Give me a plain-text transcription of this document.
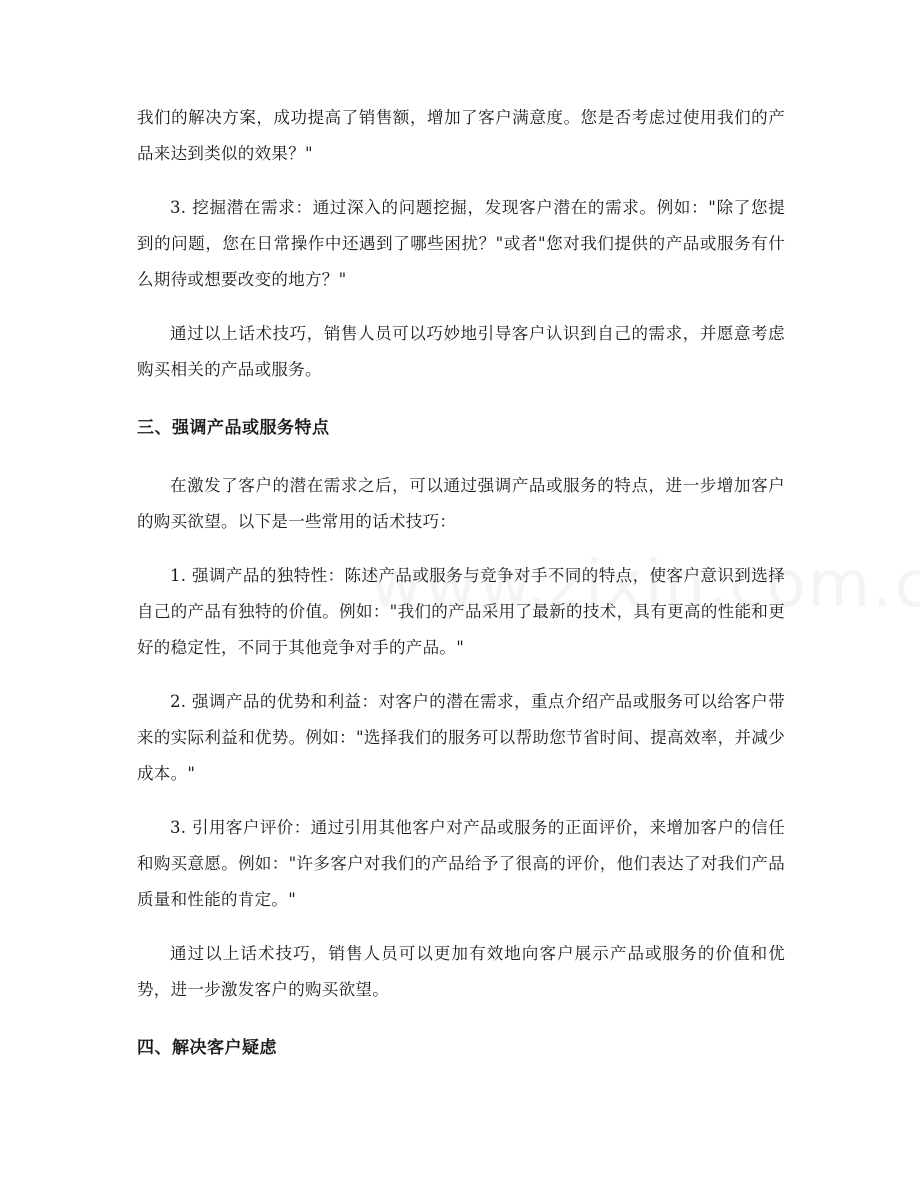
我们的解决方案，成功提高了销售额，增加了客户满意度。您是否考虑过使用我们的产品来达到类似的效果？"

3. 挖掘潜在需求：通过深入的问题挖掘，发现客户潜在的需求。例如："除了您提到的问题，您在日常操作中还遇到了哪些困扰？"或者"您对我们提供的产品或服务有什么期待或想要改变的地方？"

通过以上话术技巧，销售人员可以巧妙地引导客户认识到自己的需求，并愿意考虑购买相关的产品或服务。

三、强调产品或服务特点

在激发了客户的潜在需求之后，可以通过强调产品或服务的特点，进一步增加客户的购买欲望。以下是一些常用的话术技巧：

1. 强调产品的独特性：陈述产品或服务与竞争对手不同的特点，使客户意识到选择自己的产品有独特的价值。例如："我们的产品采用了最新的技术，具有更高的性能和更好的稳定性，不同于其他竞争对手的产品。"

2. 强调产品的优势和利益：对客户的潜在需求，重点介绍产品或服务可以给客户带来的实际利益和优势。例如："选择我们的服务可以帮助您节省时间、提高效率，并减少成本。"

3. 引用客户评价：通过引用其他客户对产品或服务的正面评价，来增加客户的信任和购买意愿。例如："许多客户对我们的产品给予了很高的评价，他们表达了对我们产品质量和性能的肯定。"

通过以上话术技巧，销售人员可以更加有效地向客户展示产品或服务的价值和优势，进一步激发客户的购买欲望。

四、解决客户疑虑
